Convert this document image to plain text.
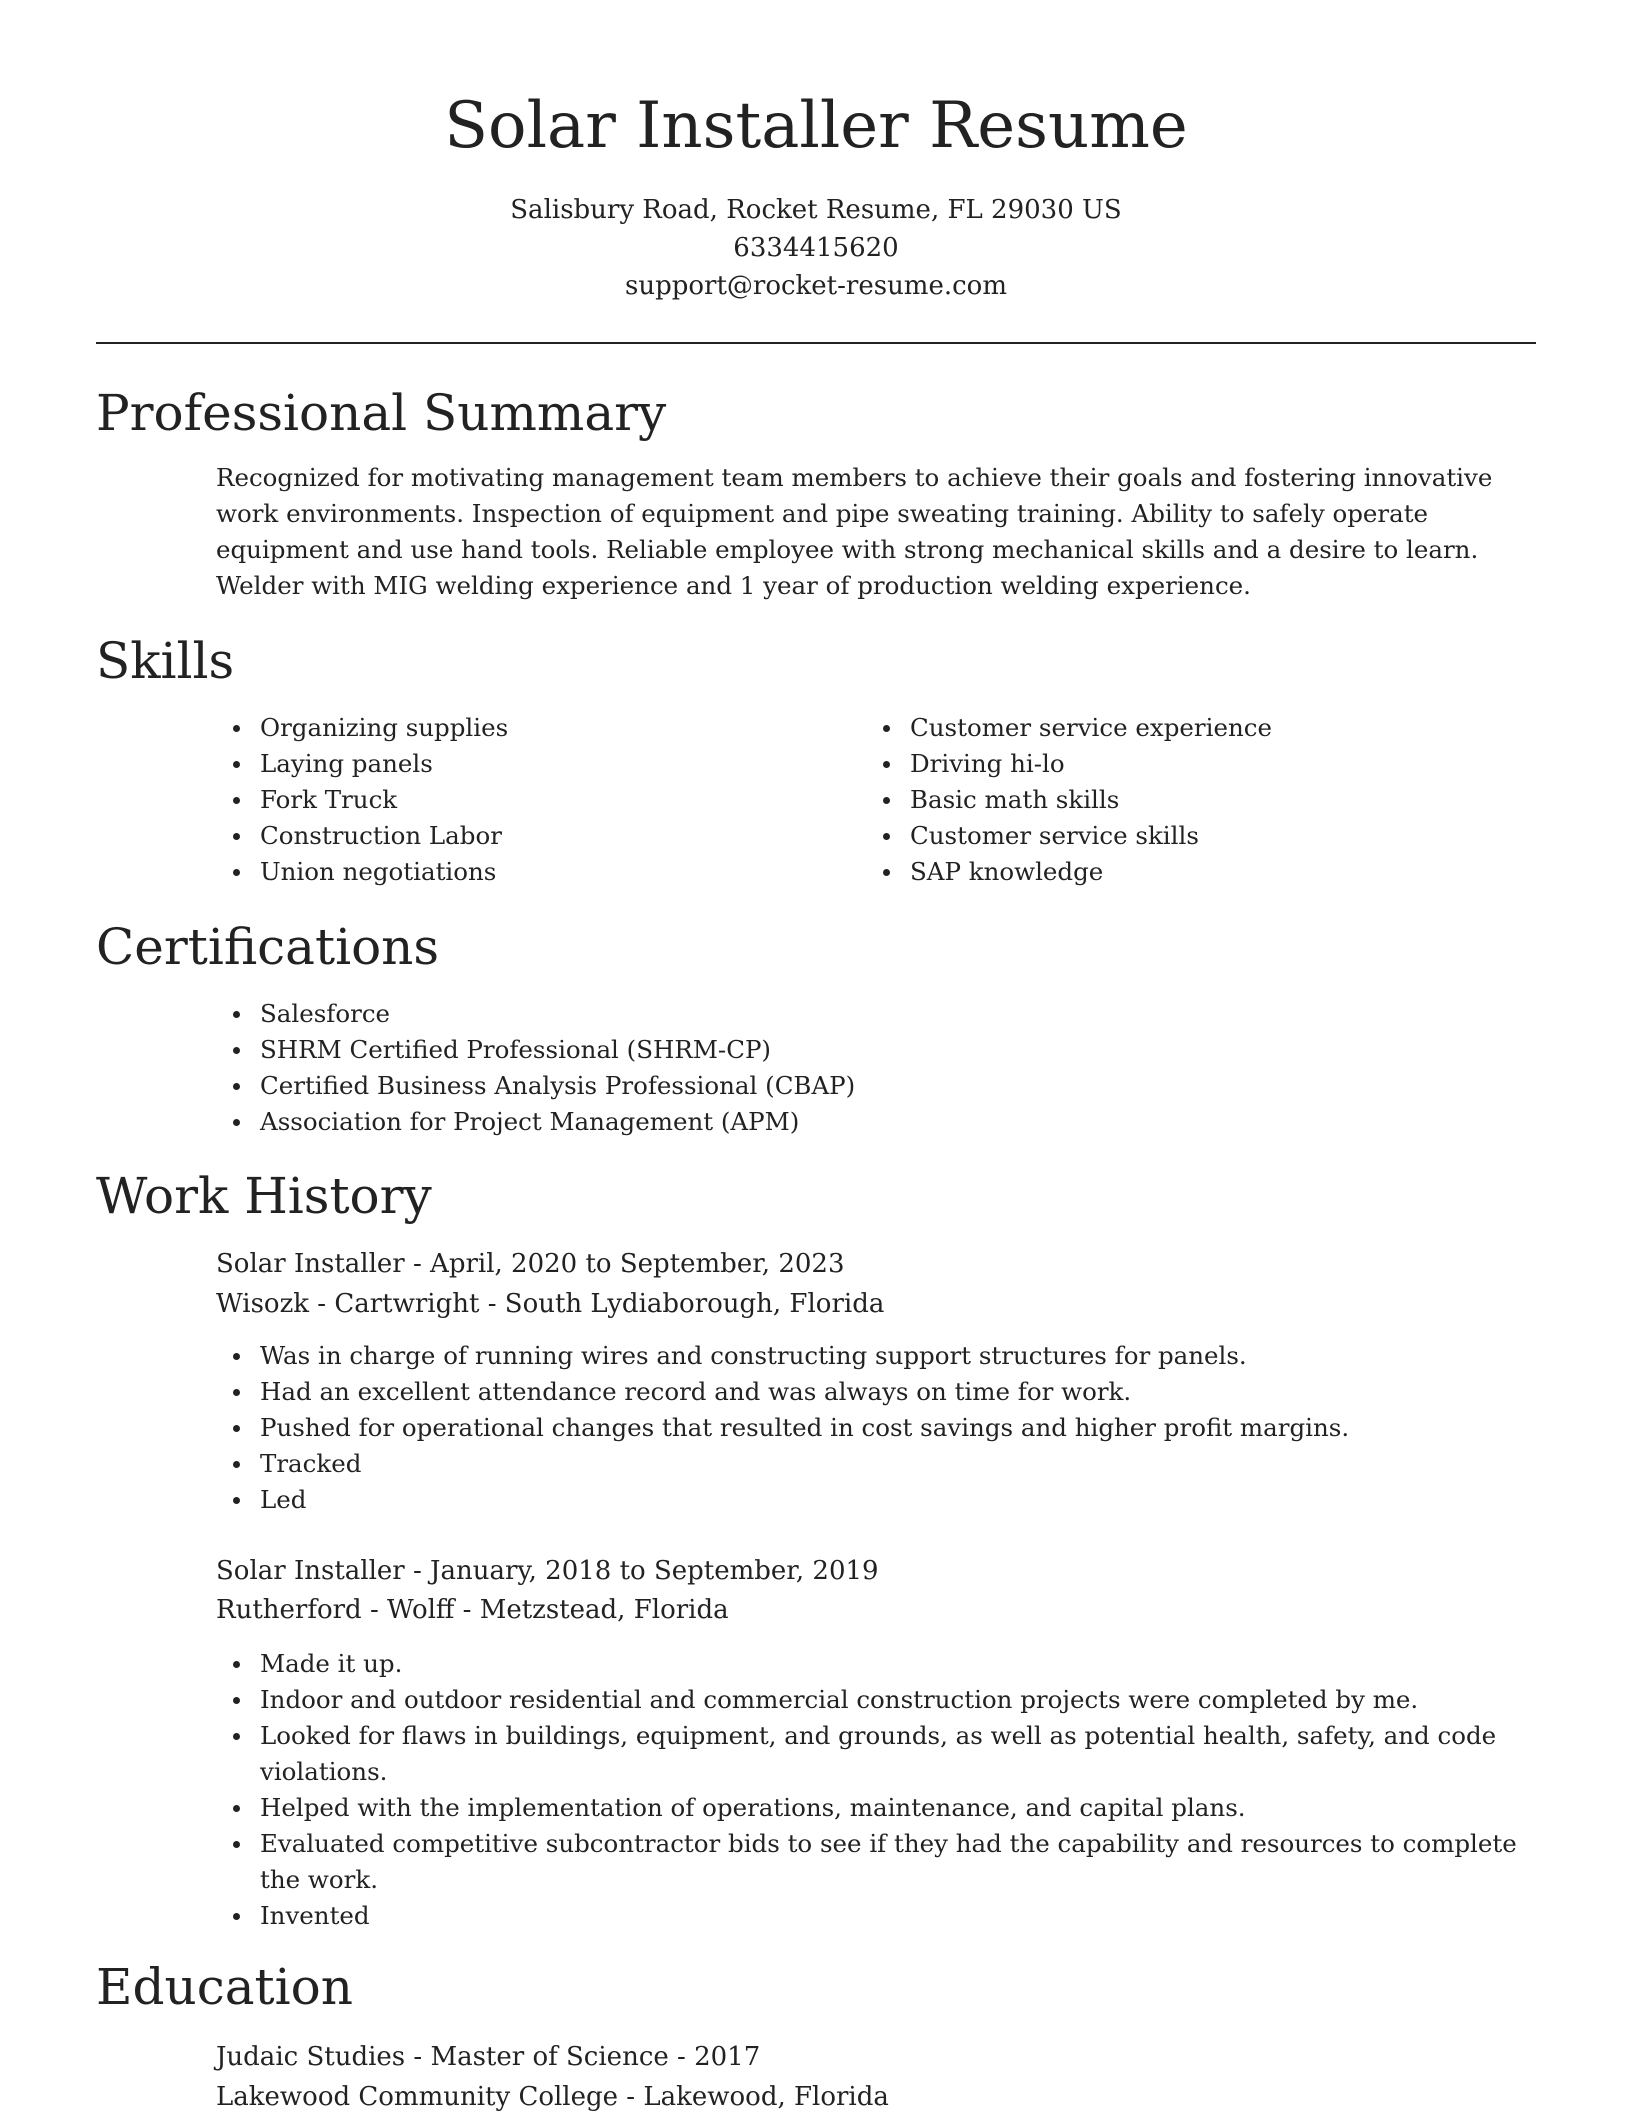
Solar Installer Resume
Salisbury Road, Rocket Resume, FL 29030 US
6334415620
support@rocket-resume.com
Professional Summary

Recognized for motivating management team members to achieve their goals and fostering innovative work environments. Inspection of equipment and pipe sweating training. Ability to safely operate equipment and use hand tools. Reliable employee with strong mechanical skills and a desire to learn. Welder with MIG welding experience and 1 year of production welding experience.

Skills
Organizing supplies
Laying panels
Fork Truck
Construction Labor
Union negotiations
Customer service experience
Driving hi-lo
Basic math skills
Customer service skills
SAP knowledge
Certifications
Salesforce
SHRM Certified Professional (SHRM-CP)
Certified Business Analysis Professional (CBAP)
Association for Project Management (APM)
Work History
Solar Installer - April, 2020 to September, 2023
Wisozk - Cartwright - South Lydiaborough, Florida
Was in charge of running wires and constructing support structures for panels.
Had an excellent attendance record and was always on time for work.
Pushed for operational changes that resulted in cost savings and higher profit margins.
Tracked
Led
Solar Installer - January, 2018 to September, 2019
Rutherford - Wolff - Metzstead, Florida
Made it up.
Indoor and outdoor residential and commercial construction projects were completed by me.
Looked for flaws in buildings, equipment, and grounds, as well as potential health, safety, and code violations.
Helped with the implementation of operations, maintenance, and capital plans.
Evaluated competitive subcontractor bids to see if they had the capability and resources to complete the work.
Invented
Education
Judaic Studies - Master of Science - 2017
Lakewood Community College - Lakewood, Florida
